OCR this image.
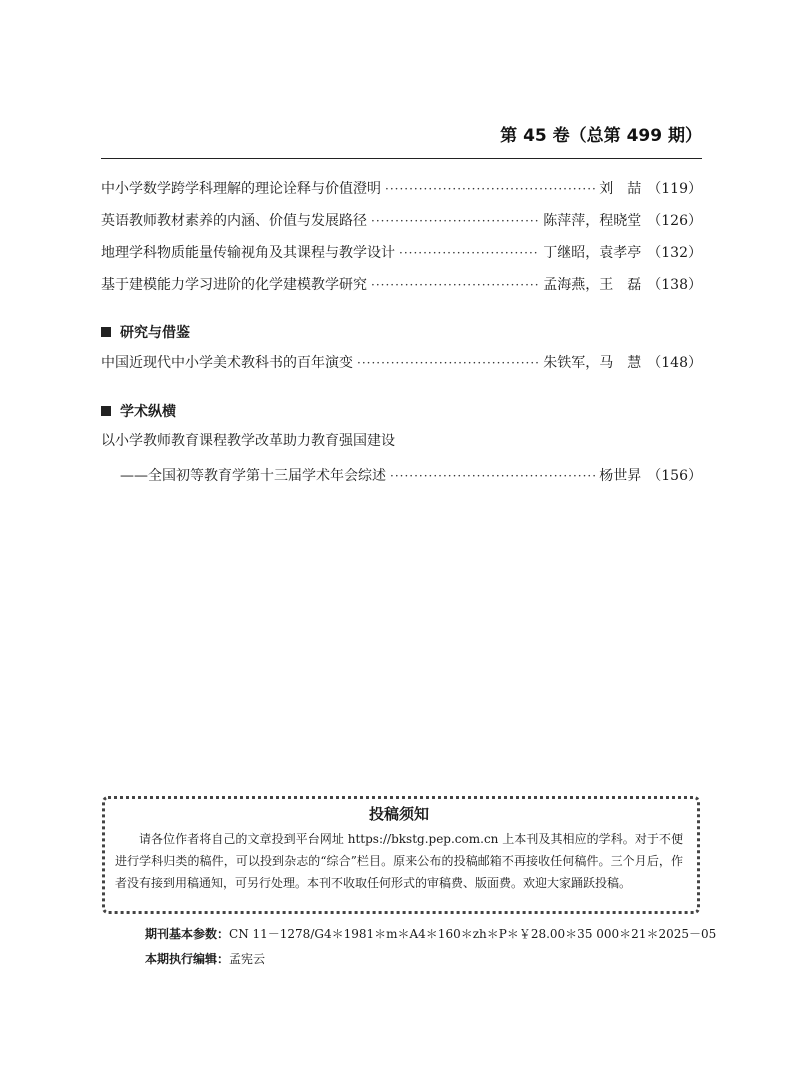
第 45 卷（总第 499 期）
中小学数学跨学科理解的理论诠释与价值澄明 ·····	刘　喆 （119）
英语教师教材素养的内涵、价值与发展路径 ·····	陈萍萍，程晓堂 （126）
地理学科物质能量传输视角及其课程与教学设计 ·····	丁继昭，袁孝亭 （132）
基于建模能力学习进阶的化学建模教学研究 ·····	孟海燕，王　磊 （138）
研究与借鉴
中国近现代中小学美术教科书的百年演变 ·····	朱铁军，马　慧 （148）
学术纵横
以小学教师教育课程教学改革助力教育强国建设
——全国初等教育学第十三届学术年会综述 ·····	杨世昇 （156）
投稿须知
请各位作者将自己的文章投到平台网址 https://bkstg.pep.com.cn 上本刊及其相应的学科。对于不便进行学科归类的稿件，可以投到杂志的“综合”栏目。原来公布的投稿邮箱不再接收任何稿件。三个月后，作者没有接到用稿通知，可另行处理。本刊不收取任何形式的审稿费、版面费。欢迎大家踊跃投稿。
期刊基本参数：CN 11－1278/G4＊1981＊m＊A4＊160＊zh＊P＊￥28.00＊35 000＊21＊2025－05
本期执行编辑：孟宪云
